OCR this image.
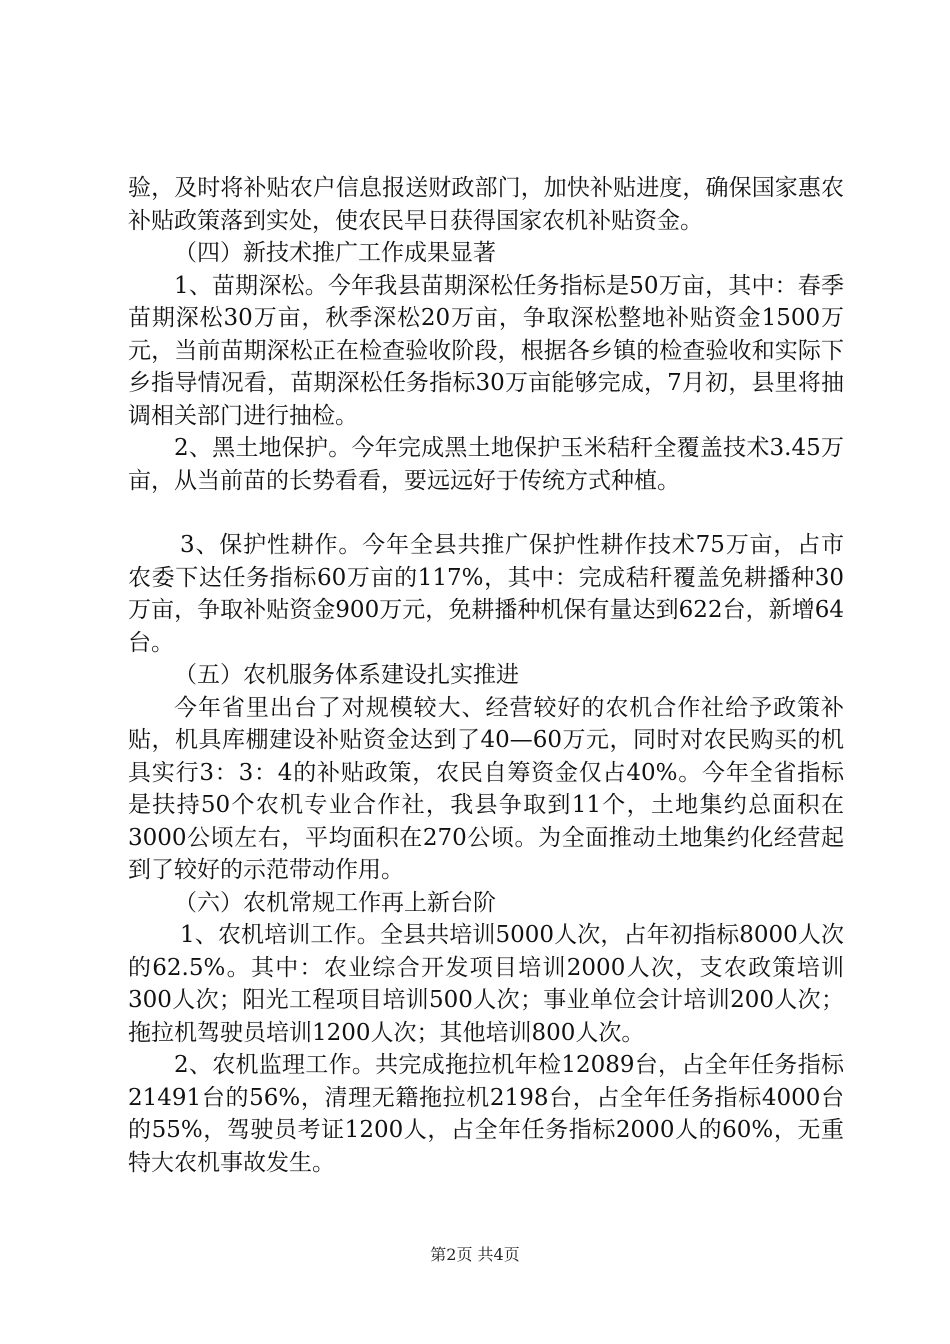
验，及时将补贴农户信息报送财政部门，加快补贴进度，确保国家惠农补贴政策落到实处，使农民早日获得国家农机补贴资金。

（四）新技术推广工作成果显著

1、苗期深松。今年我县苗期深松任务指标是50万亩，其中：春季苗期深松30万亩，秋季深松20万亩，争取深松整地补贴资金1500万元，当前苗期深松正在检查验收阶段，根据各乡镇的检查验收和实际下乡指导情况看，苗期深松任务指标30万亩能够完成，7月初，县里将抽调相关部门进行抽检。

2、黑土地保护。今年完成黑土地保护玉米秸秆全覆盖技术3.45万亩，从当前苗的长势看看，要远远好于传统方式种植。

3、保护性耕作。今年全县共推广保护性耕作技术75万亩，占市农委下达任务指标60万亩的117%，其中：完成秸秆覆盖免耕播种30万亩，争取补贴资金900万元，免耕播种机保有量达到622台，新增64台。

（五）农机服务体系建设扎实推进

今年省里出台了对规模较大、经营较好的农机合作社给予政策补贴，机具库棚建设补贴资金达到了40—60万元，同时对农民购买的机具实行3：3：4的补贴政策，农民自筹资金仅占40%。今年全省指标是扶持50个农机专业合作社，我县争取到11个，土地集约总面积在3000公顷左右，平均面积在270公顷。为全面推动土地集约化经营起到了较好的示范带动作用。

（六）农机常规工作再上新台阶

1、农机培训工作。全县共培训5000人次，占年初指标8000人次的62.5%。其中：农业综合开发项目培训2000人次，支农政策培训300人次；阳光工程项目培训500人次；事业单位会计培训200人次；拖拉机驾驶员培训1200人次；其他培训800人次。

2、农机监理工作。共完成拖拉机年检12089台，占全年任务指标21491台的56%，清理无籍拖拉机2198台，占全年任务指标4000台的55%，驾驶员考证1200人，占全年任务指标2000人的60%，无重特大农机事故发生。

第2页 共4页
